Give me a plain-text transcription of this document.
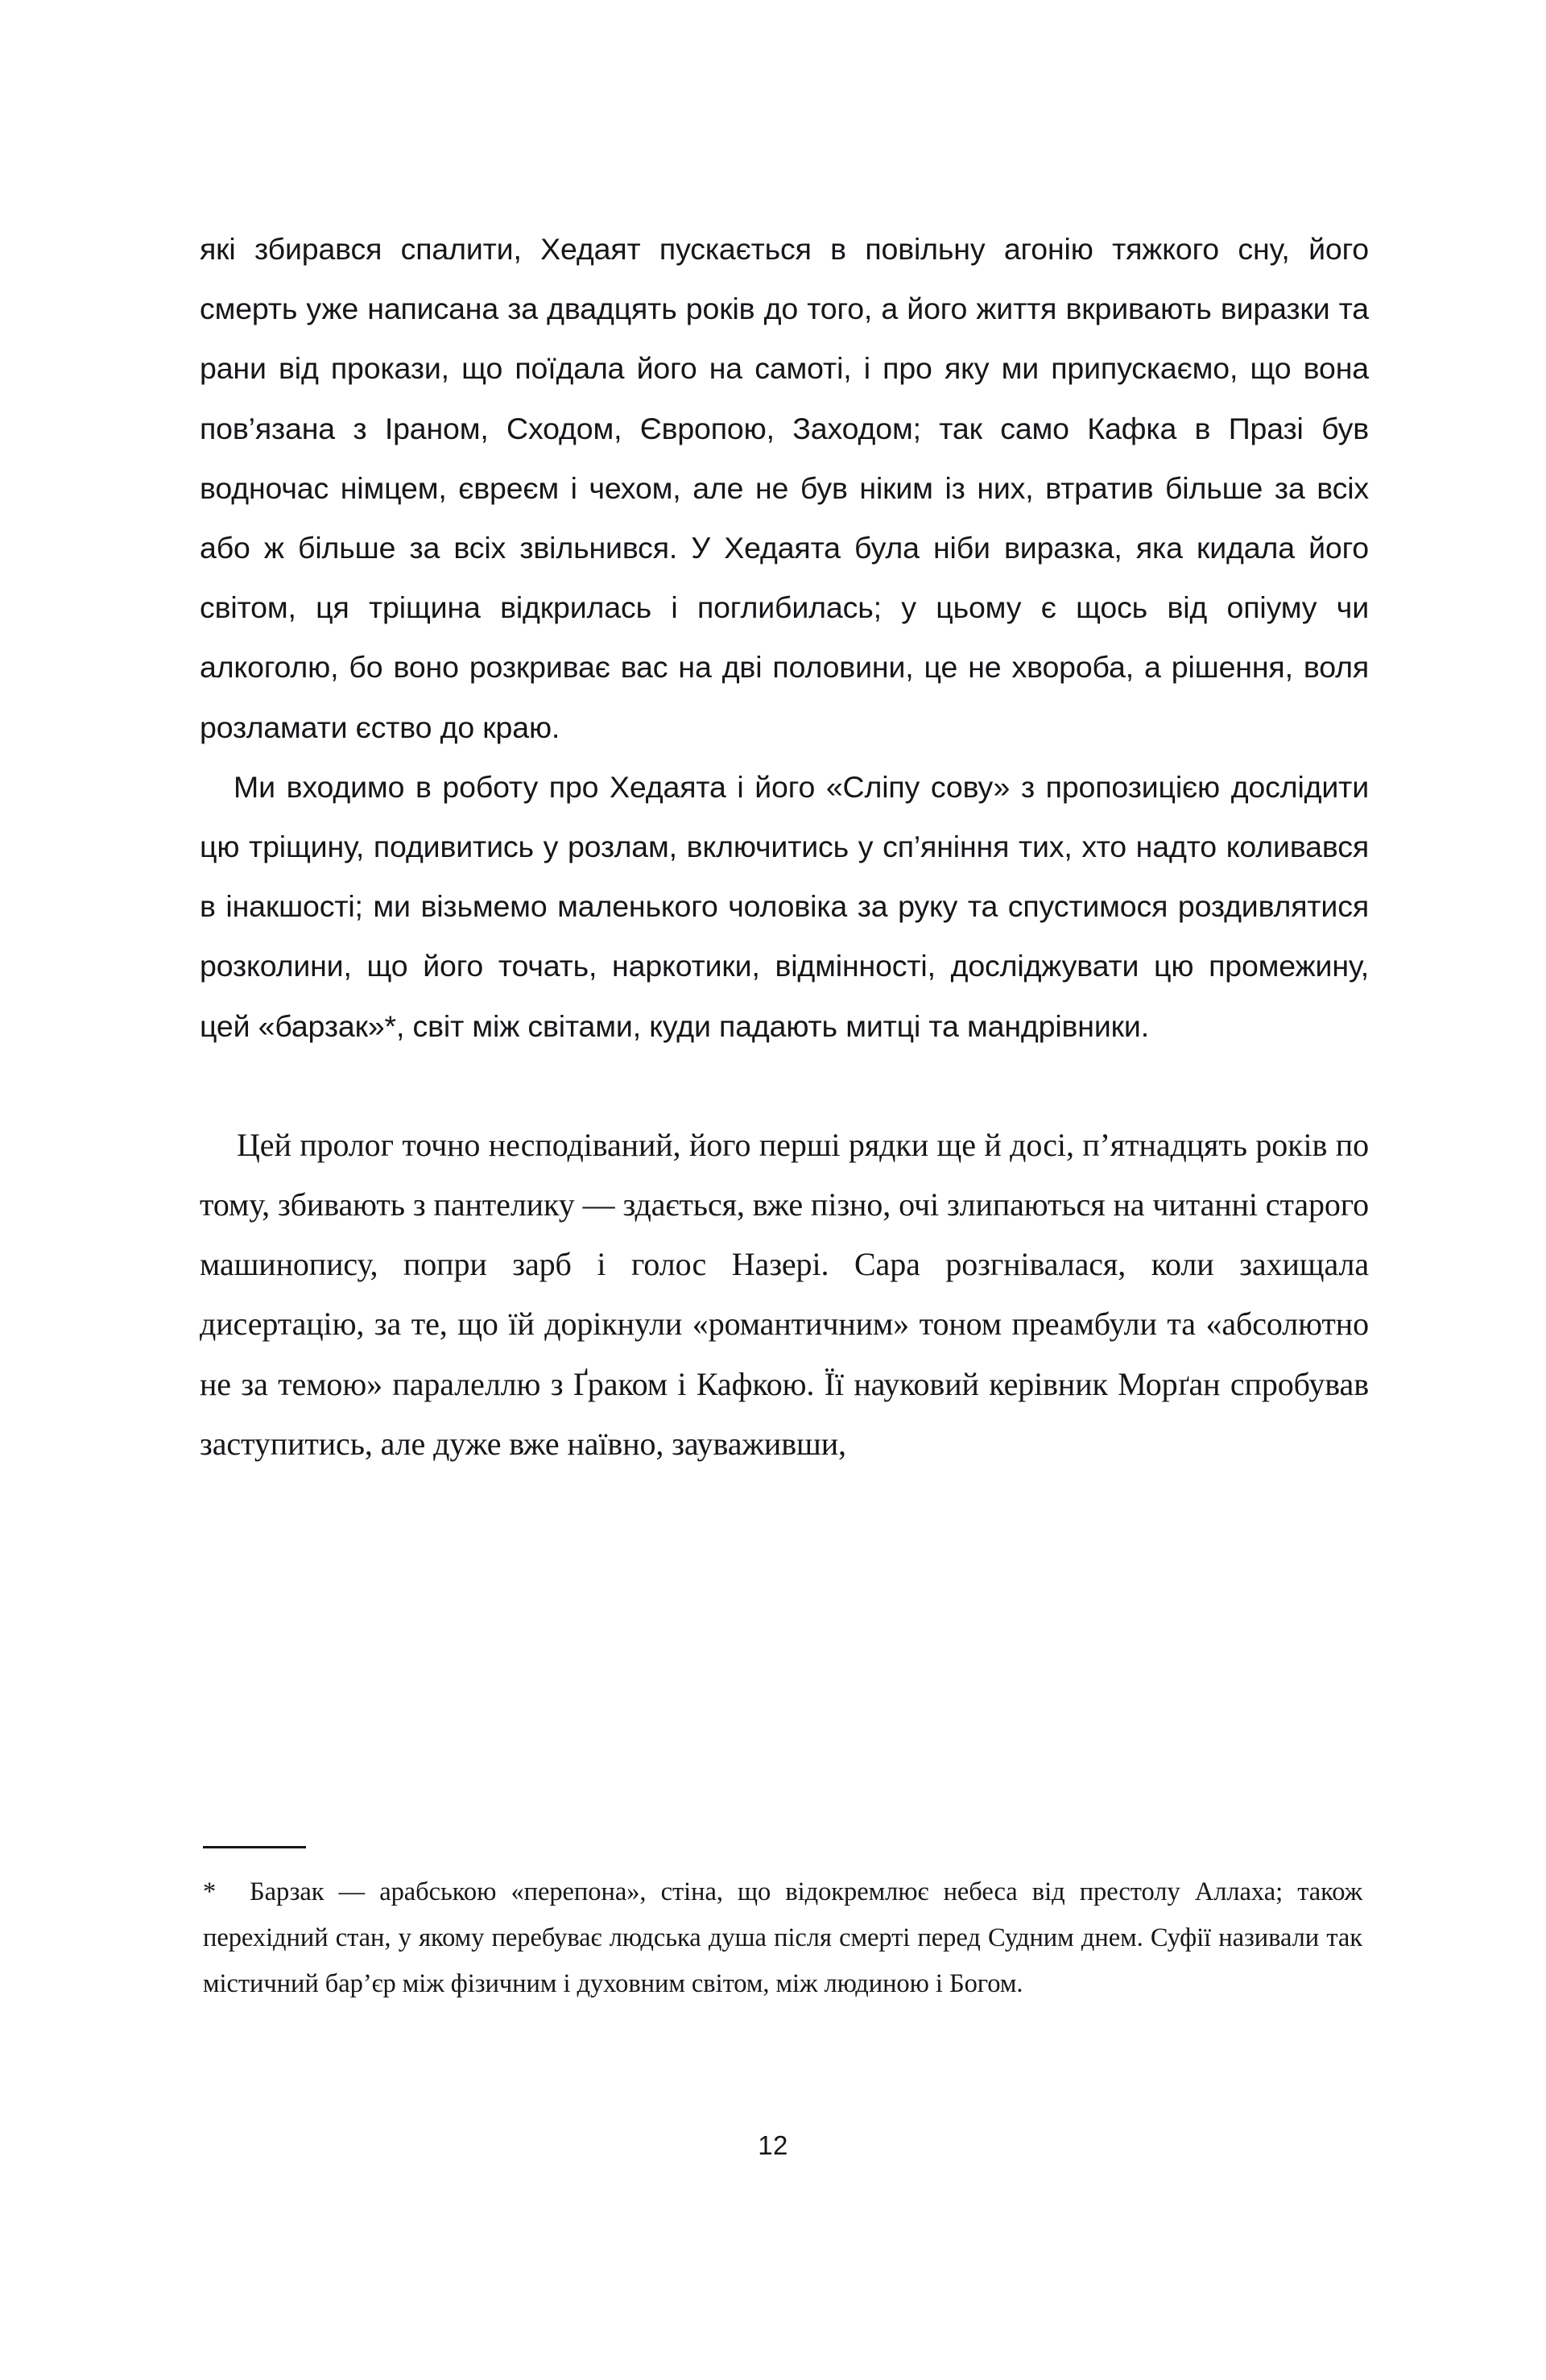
які збирався спалити, Хедаят пускається в повільну агонію тяжкого сну, його смерть уже написана за двадцять років до того, а його життя вкривають виразки та рани від прокази, що поїдала його на самоті, і про яку ми припускаємо, що вона пов’язана з Іраном, Сходом, Європою, Заходом; так само Кафка в Празі був водночас німцем, євреєм і чехом, але не був ніким із них, втратив більше за всіх або ж більше за всіх звільнився. У Хедаята була ніби виразка, яка кидала його світом, ця тріщина відкрилась і поглибилась; у цьому є щось від опіуму чи алкоголю, бо воно розкриває вас на дві половини, це не хвороба, а рішення, воля розламати єство до краю.

Ми входимо в роботу про Хедаята і його «Сліпу сову» з пропозицією дослідити цю тріщину, подивитись у розлам, включитись у сп’яніння тих, хто надто коливався в інакшості; ми візьмемо маленького чоловіка за руку та спустимося роздивлятися розколини, що його точать, наркотики, відмінності, досліджувати цю промежину, цей «барзак»*, світ між світами, куди падають митці та мандрівники.

Цей пролог точно несподіваний, його перші рядки ще й досі, п’ятнадцять років по тому, збивають з пантелику — здається, вже пізно, очі злипаються на читанні старого машинопису, попри зарб і голос Назері. Сара розгнівалася, коли захищала дисертацію, за те, що їй дорікнули «романтичним» тоном преамбули та «абсолютно не за темою» паралеллю з Ґраком і Кафкою. Її науковий керівник Морґан спробував заступитись, але дуже вже наївно, зауваживши,

* Барзак — арабською «перепона», стіна, що відокремлює небеса від престолу Аллаха; також перехідний стан, у якому перебуває людська душа після смерті перед Судним днем. Суфії називали так містичний бар’єр між фізичним і духовним світом, між людиною і Богом.

12
